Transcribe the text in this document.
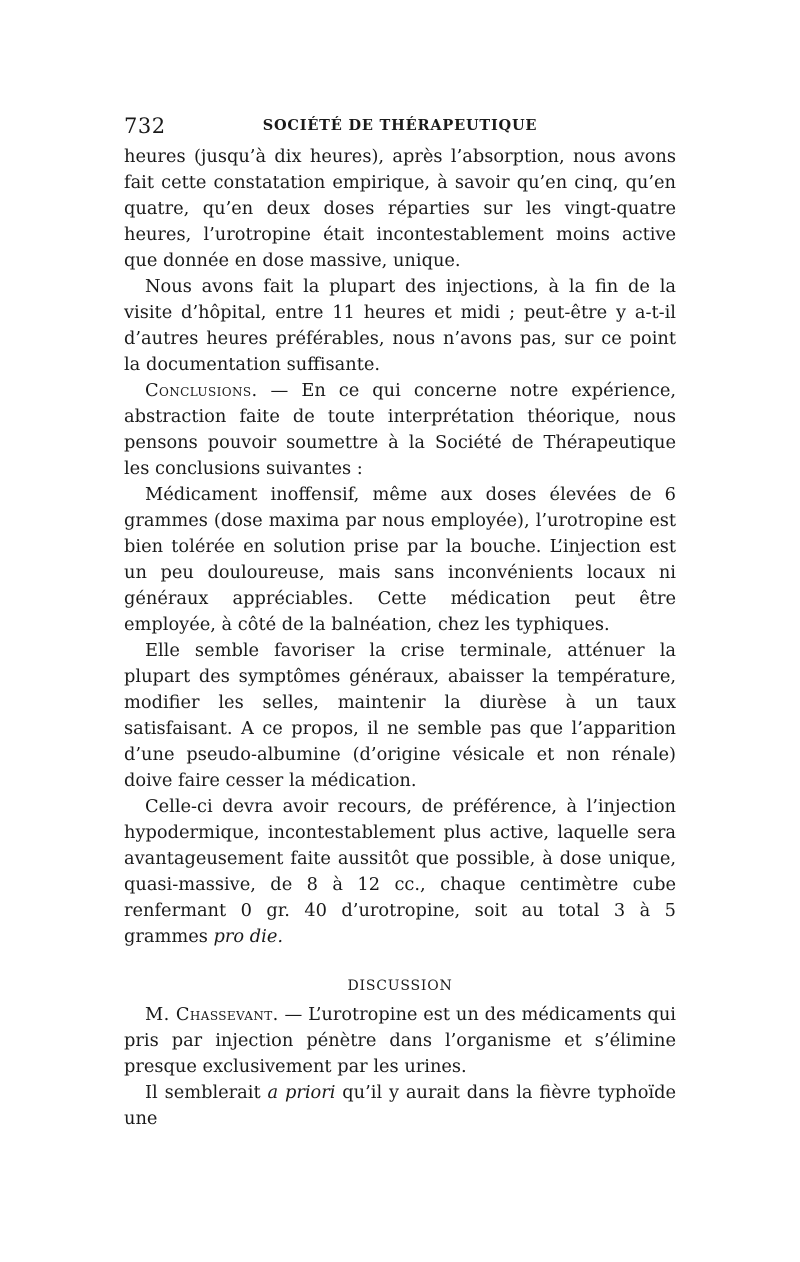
732	SOCIÉTÉ DE THÉRAPEUTIQUE

heures (jusqu’à dix heures), après l’absorption, nous avons fait cette constatation empirique, à savoir qu’en cinq, qu’en quatre, qu’en deux doses réparties sur les vingt-quatre heures, l’urotropine était incontestablement moins active que donnée en dose massive, unique.

Nous avons fait la plupart des injections, à la fin de la visite d’hôpital, entre 11 heures et midi ; peut-être y a-t-il d’autres heures préférables, nous n’avons pas, sur ce point la documentation suffisante.

Conclusions. — En ce qui concerne notre expérience, abstraction faite de toute interprétation théorique, nous pensons pouvoir soumettre à la Société de Thérapeutique les conclusions suivantes :

Médicament inoffensif, même aux doses élevées de 6 grammes (dose maxima par nous employée), l’urotropine est bien tolérée en solution prise par la bouche. L’injection est un peu douloureuse, mais sans inconvénients locaux ni généraux appréciables. Cette médication peut être employée, à côté de la balnéation, chez les typhiques.

Elle semble favoriser la crise terminale, atténuer la plupart des symptômes généraux, abaisser la température, modifier les selles, maintenir la diurèse à un taux satisfaisant. A ce propos, il ne semble pas que l’apparition d’une pseudo-albumine (d’origine vésicale et non rénale) doive faire cesser la médication.

Celle-ci devra avoir recours, de préférence, à l’injection hypodermique, incontestablement plus active, laquelle sera avantageusement faite aussitôt que possible, à dose unique, quasi-massive, de 8 à 12 cc., chaque centimètre cube renfermant 0 gr. 40 d’urotropine, soit au total 3 à 5 grammes pro die.

DISCUSSION

M. Chassevant. — L’urotropine est un des médicaments qui pris par injection pénètre dans l’organisme et s’élimine presque exclusivement par les urines.

Il semblerait a priori qu’il y aurait dans la fièvre typhoïde une
